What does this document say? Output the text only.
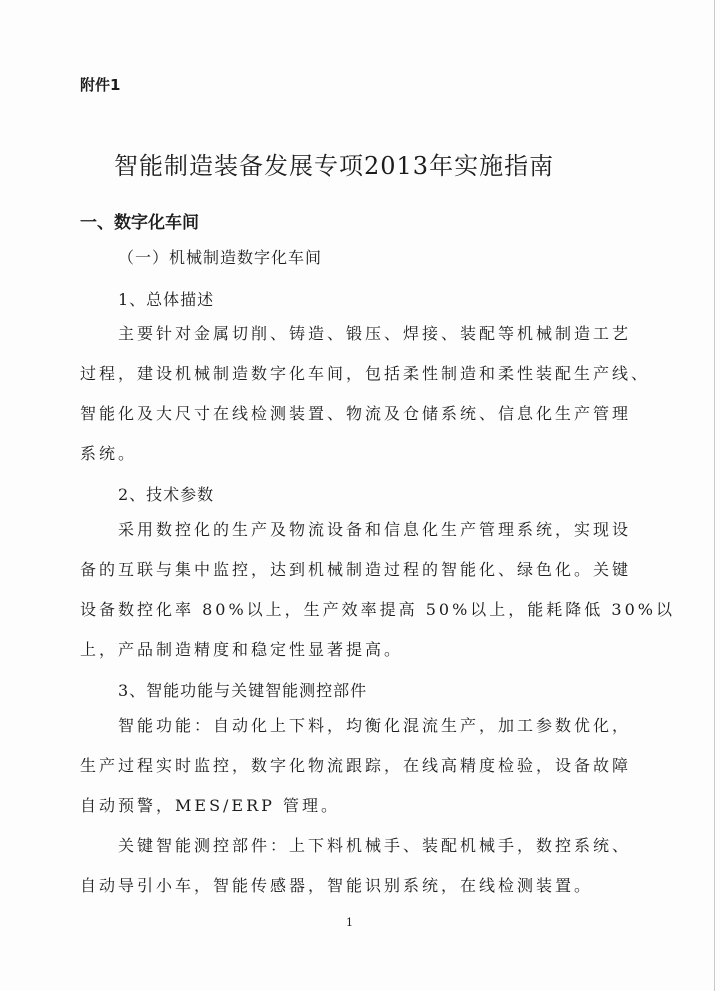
附件1

智能制造装备发展专项2013年实施指南
一、数字化车间
（一）机械制造数字化车间

1、总体描述

主要针对金属切削、铸造、锻压、焊接、装配等机械制造工艺
过程，建设机械制造数字化车间，包括柔性制造和柔性装配生产线、
智能化及大尺寸在线检测装置、物流及仓储系统、信息化生产管理
系统。

2、技术参数

采用数控化的生产及物流设备和信息化生产管理系统，实现设
备的互联与集中监控，达到机械制造过程的智能化、绿色化。关键
设备数控化率 80%以上，生产效率提高 50%以上，能耗降低 30%以
上，产品制造精度和稳定性显著提高。

3、智能功能与关键智能测控部件

智能功能：自动化上下料，均衡化混流生产，加工参数优化，
生产过程实时监控，数字化物流跟踪，在线高精度检验，设备故障
自动预警，MES/ERP 管理。
关键智能测控部件：上下料机械手、装配机械手，数控系统、
自动导引小车，智能传感器，智能识别系统，在线检测装置。

1
